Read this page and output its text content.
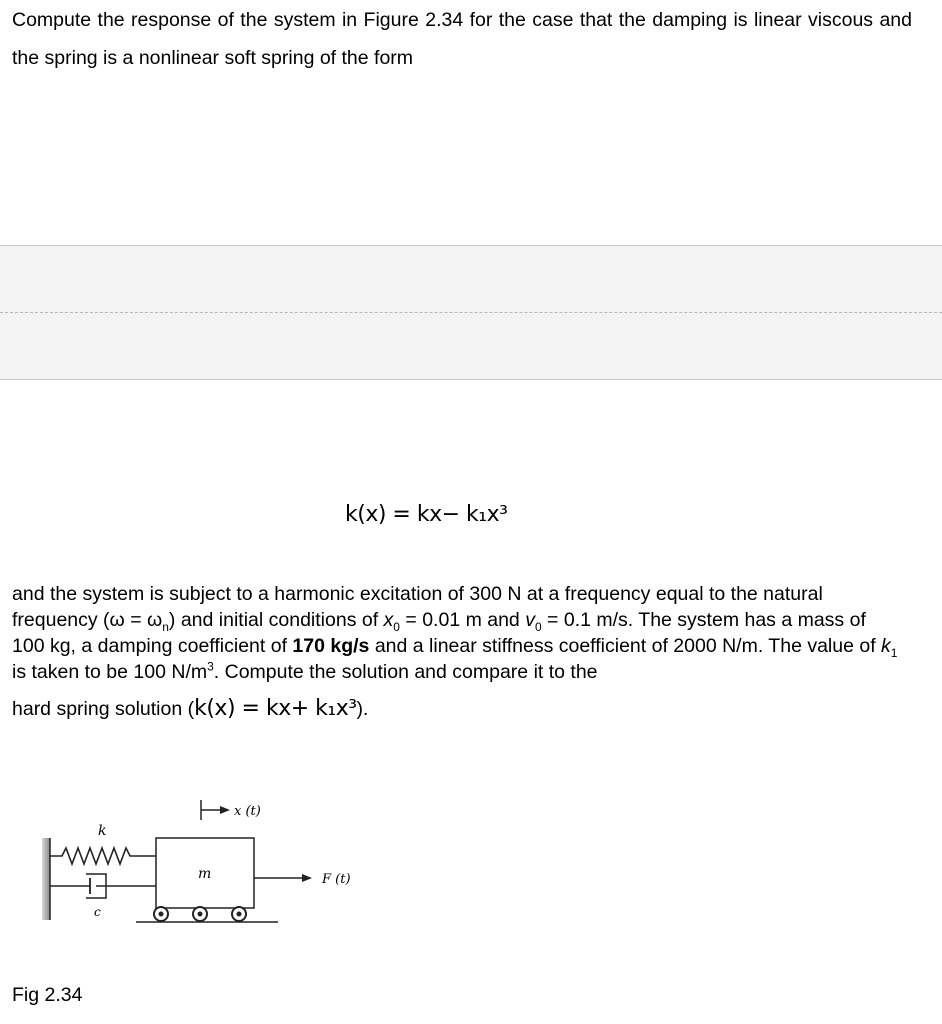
Compute the response of the system in Figure 2.34 for the case that the damping is linear viscous and the spring is a nonlinear soft spring of the form

k(x) = kx− k₁x³

and the system is subject to a harmonic excitation of 300 N at a frequency equal to the natural frequency $(\omega = \omega_n)$ and initial conditions of $x_0 = 0.01$ m and $v_0 = 0.1$ m/s. The system has a mass of 100 kg, a damping coefficient of 170 kg/s and a linear stiffness coefficient of 2000 N/m. The value of $k_1$ is taken to be 100 $N/m^3$. Compute the solution and compare it to the

hard spring solution (k(x) = kx+ k₁x³).
k
c
m
x (t)
F (t)
Fig 2.34
